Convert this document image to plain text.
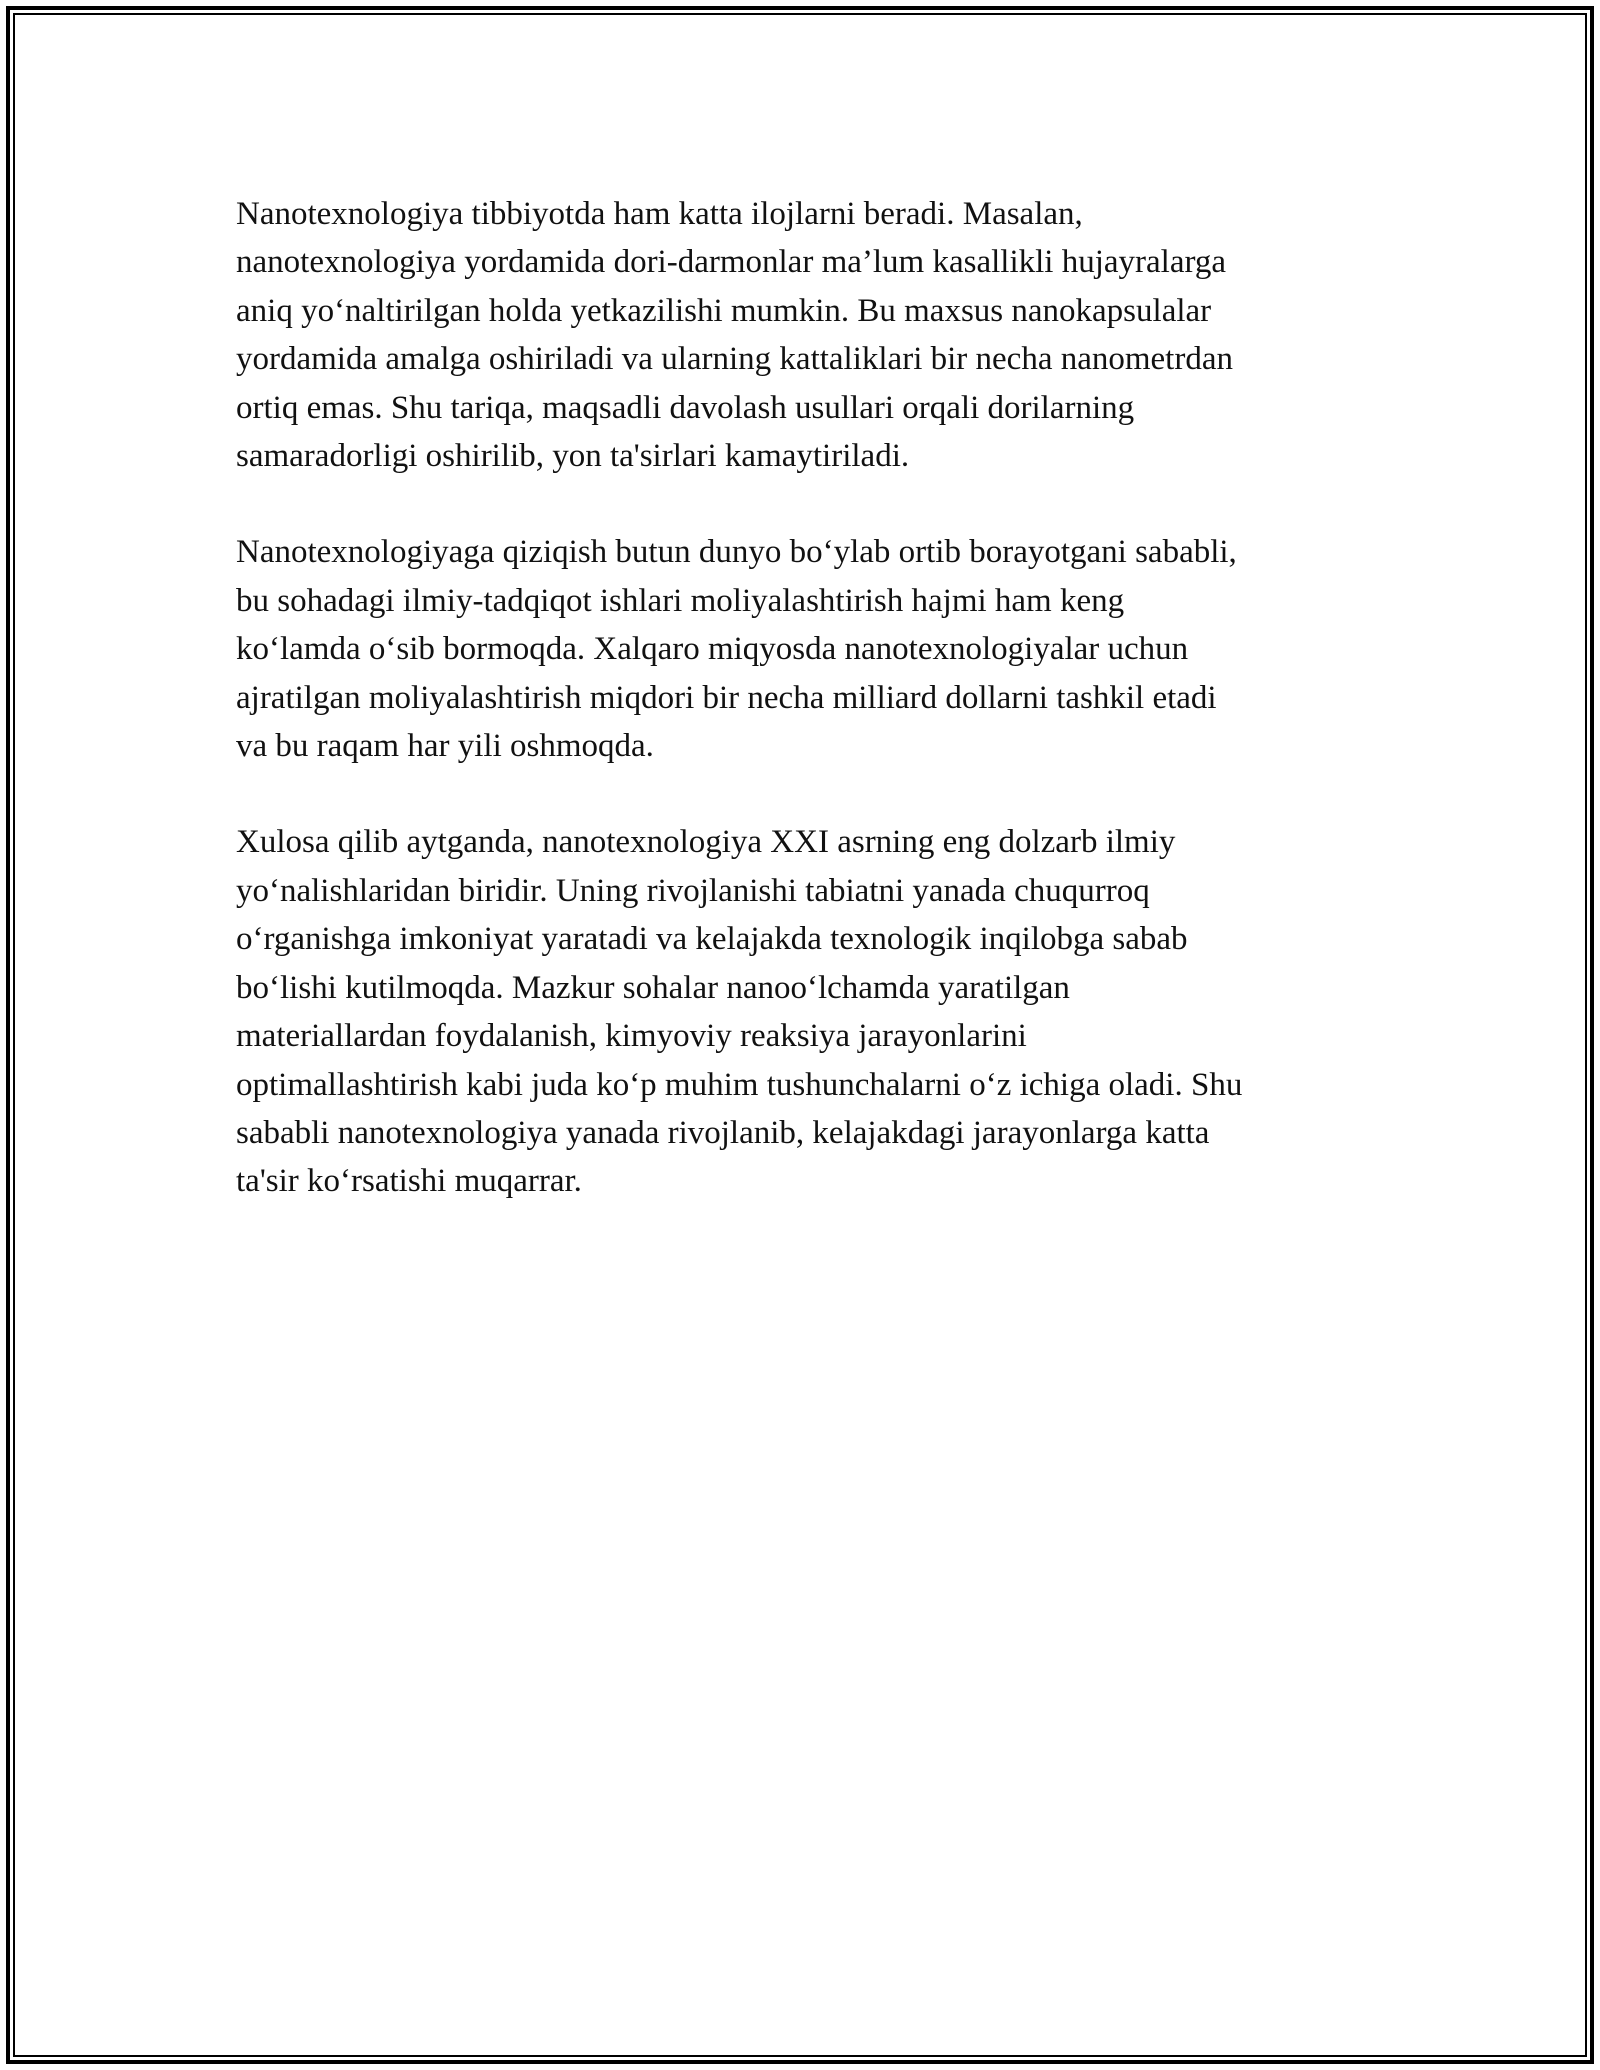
Nanotexnologiya tibbiyotda ham katta ilojlarni beradi. Masalan,
nanotexnologiya yordamida dori-darmonlar ma’lum kasallikli hujayralarga
aniq yo‘naltirilgan holda yetkazilishi mumkin. Bu maxsus nanokapsulalar
yordamida amalga oshiriladi va ularning kattaliklari bir necha nanometrdan
ortiq emas. Shu tariqa, maqsadli davolash usullari orqali dorilarning
samaradorligi oshirilib, yon ta'sirlari kamaytiriladi.

Nanotexnologiyaga qiziqish butun dunyo bo‘ylab ortib borayotgani sababli,
bu sohadagi ilmiy-tadqiqot ishlari moliyalashtirish hajmi ham keng
ko‘lamda o‘sib bormoqda. Xalqaro miqyosda nanotexnologiyalar uchun
ajratilgan moliyalashtirish miqdori bir necha milliard dollarni tashkil etadi
va bu raqam har yili oshmoqda.

Xulosa qilib aytganda, nanotexnologiya XXI asrning eng dolzarb ilmiy
yo‘nalishlaridan biridir. Uning rivojlanishi tabiatni yanada chuqurroq
o‘rganishga imkoniyat yaratadi va kelajakda texnologik inqilobga sabab
bo‘lishi kutilmoqda. Mazkur sohalar nanoo‘lchamda yaratilgan
materiallardan foydalanish, kimyoviy reaksiya jarayonlarini
optimallashtirish kabi juda ko‘p muhim tushunchalarni o‘z ichiga oladi. Shu
sababli nanotexnologiya yanada rivojlanib, kelajakdagi jarayonlarga katta
ta'sir ko‘rsatishi muqarrar.
